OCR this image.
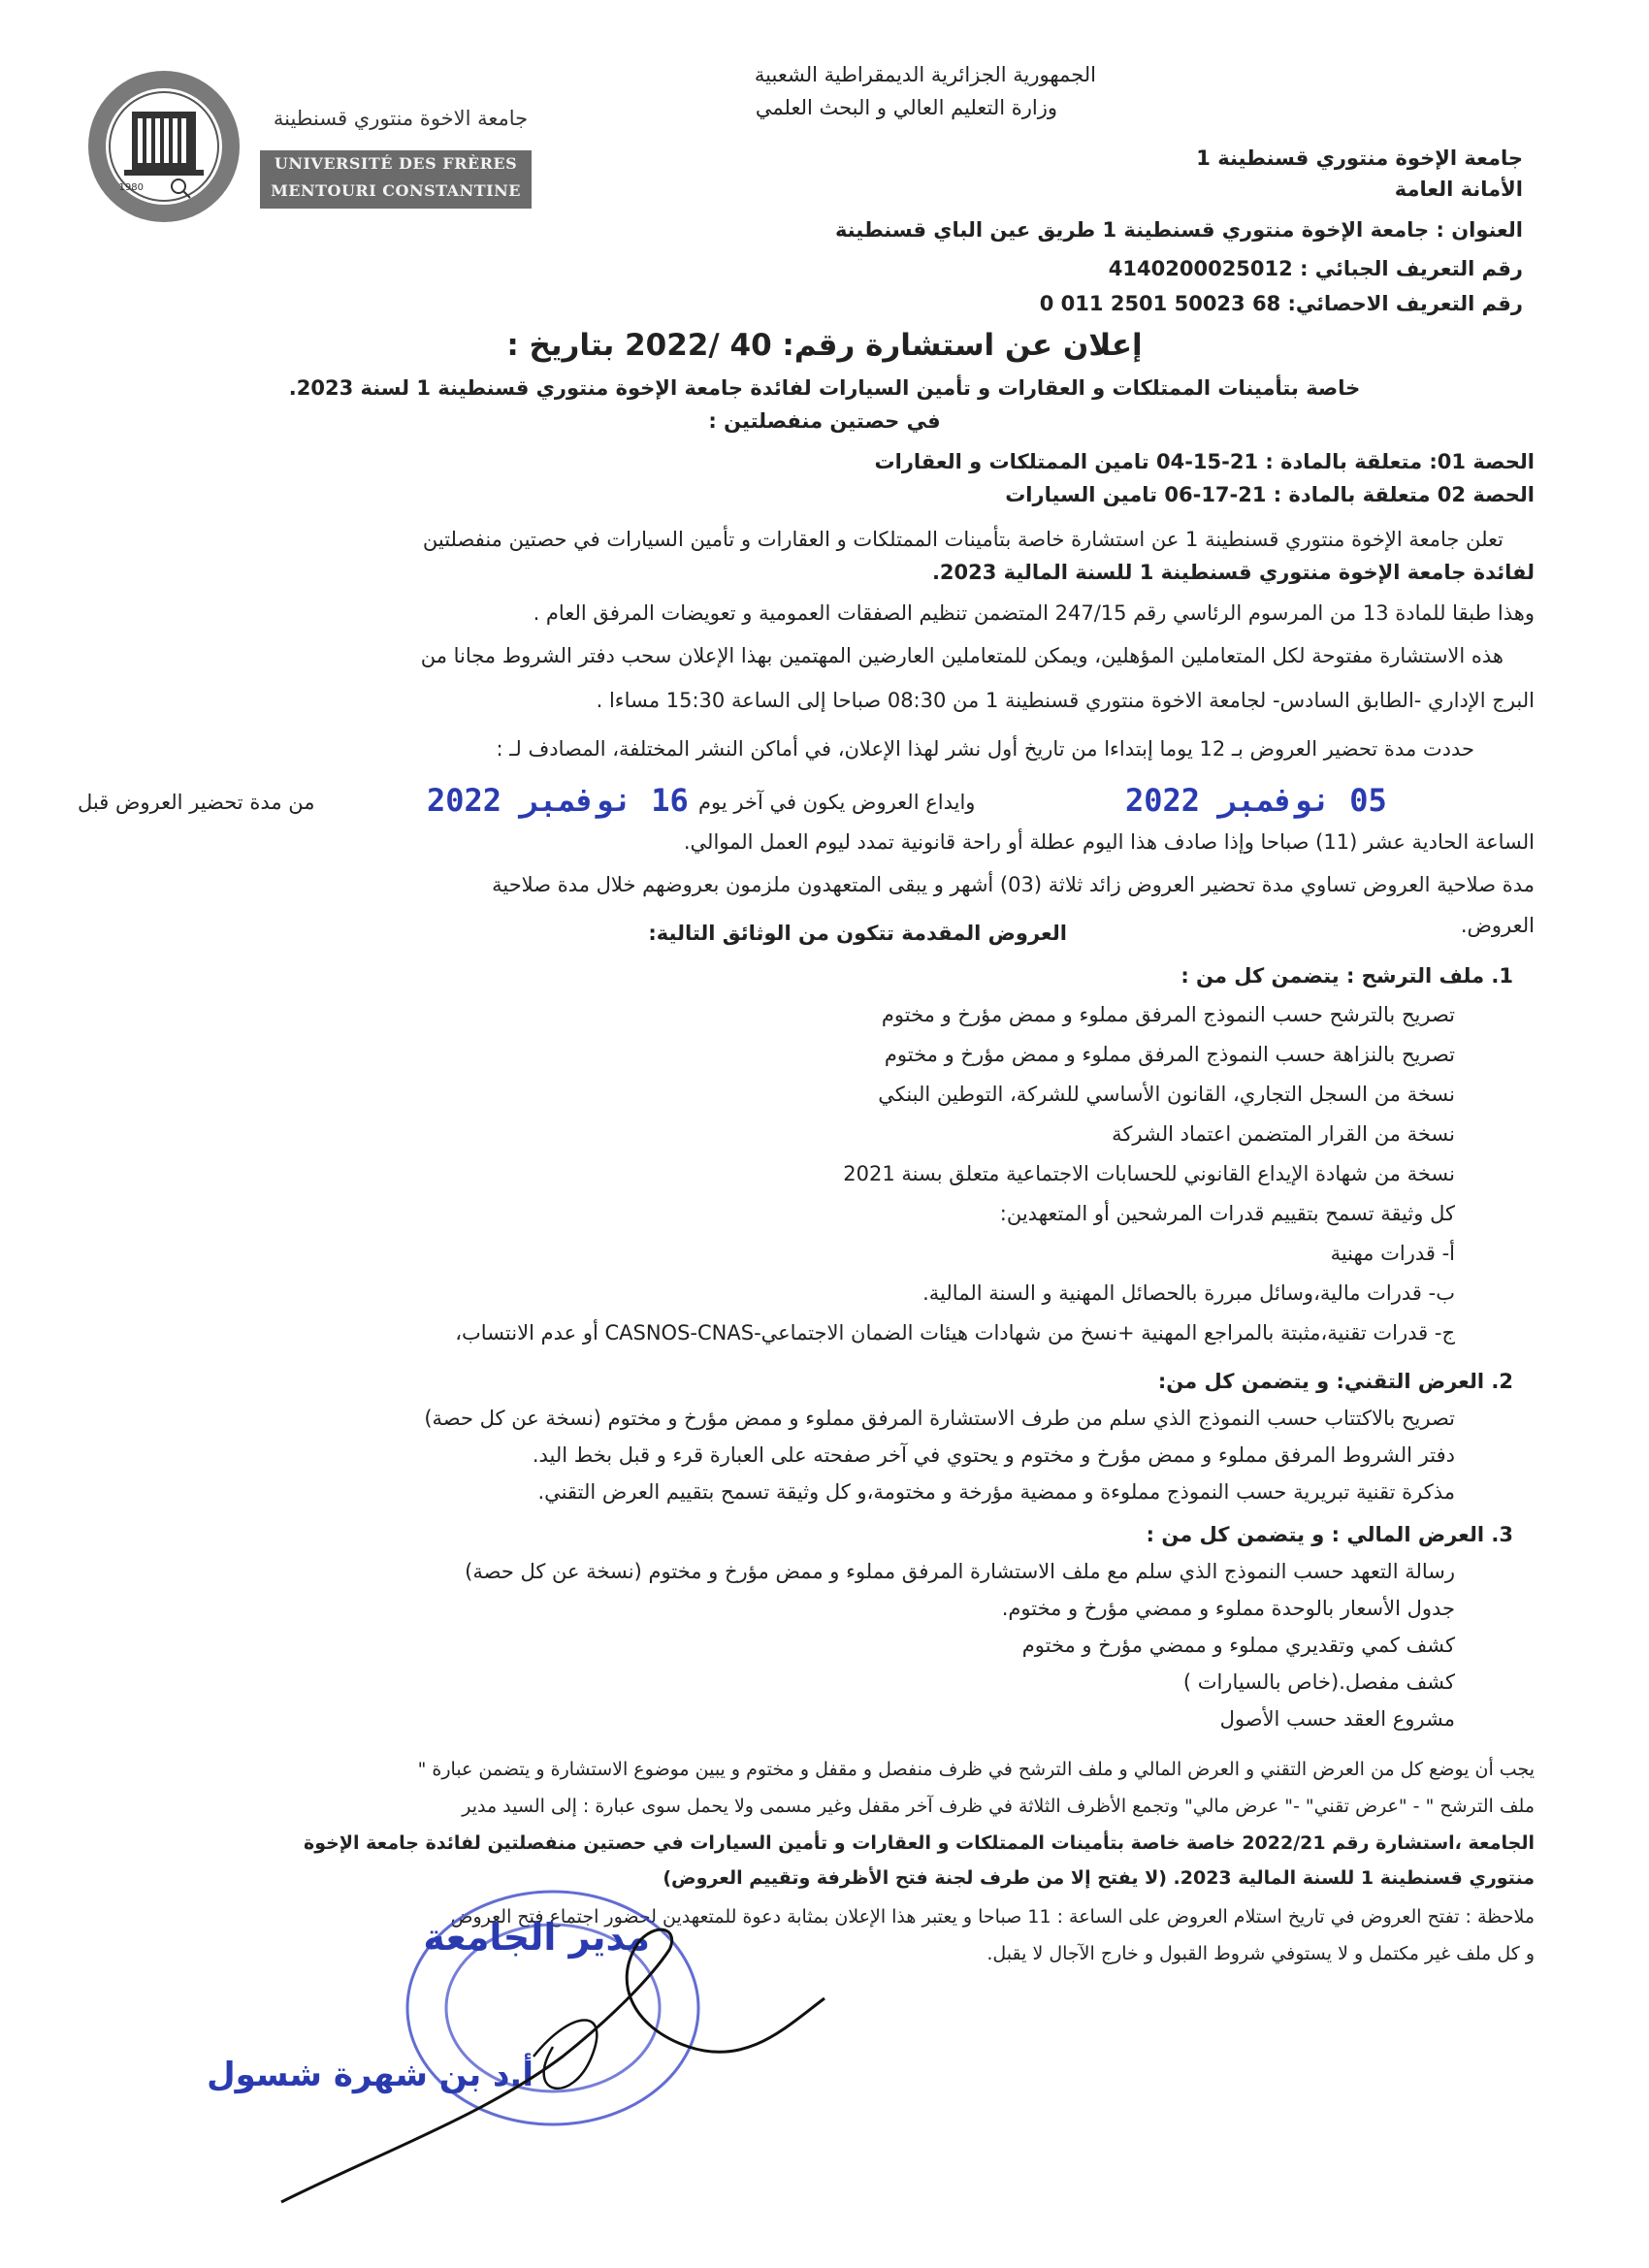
1980
جامعة الاخوة منتوري قسنطينة
UNIVERSITÉ DES FRÈRES
MENTOURI CONSTANTINE
الجمهورية الجزائرية الديمقراطية الشعبية
وزارة التعليم العالي و البحث العلمي
جامعة الإخوة منتوري قسنطينة 1
الأمانة العامة
العنوان : جامعة الإخوة منتوري قسنطينة 1 طريق عين الباي قسنطينة
رقم التعريف الجبائي : 4140200025012
رقم التعريف الاحصائي: 68 50023 2501 011 0
إعلان عن استشارة رقم: 40 /2022 بتاريخ :
خاصة بتأمينات الممتلكات و العقارات و تأمين السيارات لفائدة جامعة الإخوة منتوري قسنطينة 1 لسنة 2023.
في حصتين منفصلتين :
الحصة 01: متعلقة بالمادة : 21-15-04 تامين الممتلكات و العقارات
الحصة 02 متعلقة بالمادة : 21-17-06 تامين السيارات
تعلن جامعة الإخوة منتوري قسنطينة 1 عن استشارة خاصة بتأمينات الممتلكات و العقارات و تأمين السيارات في حصتين منفصلتين
لفائدة جامعة الإخوة منتوري قسنطينة 1 للسنة المالية 2023.
وهذا طبقا للمادة 13 من المرسوم الرئاسي رقم 247/15 المتضمن تنظيم الصفقات العمومية و تعويضات المرفق العام .
هذه الاستشارة مفتوحة لكل المتعاملين المؤهلين، ويمكن للمتعاملين العارضين المهتمين بهذا الإعلان سحب دفتر الشروط مجانا من
البرج الإداري -الطابق السادس- لجامعة الاخوة منتوري قسنطينة 1 من 08:30 صباحا إلى الساعة 15:30 مساءا .
حددت مدة تحضير العروض بـ 12 يوما إبتداءا من تاريخ أول نشر لهذا الإعلان، في أماكن النشر المختلفة، المصادف لـ :
من مدة تحضير العروض قبل	وايداع العروض يكون في آخر يوم	05 نوفمبر 2022
16 نوفمبر 2022
الساعة الحادية عشر (11) صباحا وإذا صادف هذا اليوم عطلة أو راحة قانونية تمدد ليوم العمل الموالي.
مدة صلاحية العروض تساوي مدة تحضير العروض زائد ثلاثة (03) أشهر و يبقى المتعهدون ملزمون بعروضهم خلال مدة صلاحية
العروض.
العروض المقدمة تتكون من الوثائق التالية:
1. ملف الترشح : يتضمن كل من :
تصريح بالترشح حسب النموذج المرفق مملوء و ممض مؤرخ و مختوم
تصريح بالنزاهة حسب النموذج المرفق مملوء و ممض مؤرخ و مختوم
نسخة من السجل التجاري، القانون الأساسي للشركة، التوطين البنكي
نسخة من القرار المتضمن اعتماد الشركة
نسخة من شهادة الإيداع القانوني للحسابات الاجتماعية متعلق بسنة 2021
كل وثيقة تسمح بتقييم قدرات المرشحين أو المتعهدين:
أ- قدرات مهنية
ب- قدرات مالية،وسائل مبررة بالحصائل المهنية و السنة المالية.
ج- قدرات تقنية،مثبتة بالمراجع المهنية +نسخ من شهادات هيئات الضمان الاجتماعي-CASNOS-CNAS أو عدم الانتساب،
2. العرض التقني: و يتضمن كل من:
تصريح بالاكتتاب حسب النموذج الذي سلم من طرف الاستشارة المرفق مملوء و ممض مؤرخ و مختوم (نسخة عن كل حصة)
دفتر الشروط المرفق مملوء و ممض مؤرخ و مختوم و يحتوي في آخر صفحته على العبارة قرء و قبل بخط اليد.
مذكرة تقنية تبريرية حسب النموذج مملوءة و ممضية مؤرخة و مختومة،و كل وثيقة تسمح بتقييم العرض التقني.
3. العرض المالي : و يتضمن كل من :
رسالة التعهد حسب النموذج الذي سلم مع ملف الاستشارة المرفق مملوء و ممض مؤرخ و مختوم (نسخة عن كل حصة)
جدول الأسعار بالوحدة مملوء و ممضي مؤرخ و مختوم.
كشف كمي وتقديري مملوء و ممضي مؤرخ و مختوم
كشف مفصل.(خاص بالسيارات )
مشروع العقد حسب الأصول
يجب أن يوضع كل من العرض التقني و العرض المالي و ملف الترشح في ظرف منفصل و مقفل و مختوم و يبين موضوع الاستشارة و يتضمن عبارة "
ملف الترشح " - "عرض تقني" -" عرض مالي" وتجمع الأظرف الثلاثة في ظرف آخر مقفل وغير مسمى ولا يحمل سوى عبارة : إلى السيد مدير
الجامعة ،استشارة رقم 2022/21 خاصة خاصة بتأمينات الممتلكات و العقارات و تأمين السيارات في حصتين منفصلتين لفائدة جامعة الإخوة
منتوري قسنطينة 1 للسنة المالية 2023. (لا يفتح إلا من طرف لجنة فتح الأظرفة وتقييم العروض)
ملاحظة : تفتح العروض في تاريخ استلام العروض على الساعة : 11 صباحا و يعتبر هذا الإعلان بمثابة دعوة للمتعهدين لحضور اجتماع فتح العروض
و كل ملف غير مكتمل و لا يستوفي شروط القبول و خارج الآجال لا يقبل.
مدير الجامعة
أ.د بن شهرة شسول
